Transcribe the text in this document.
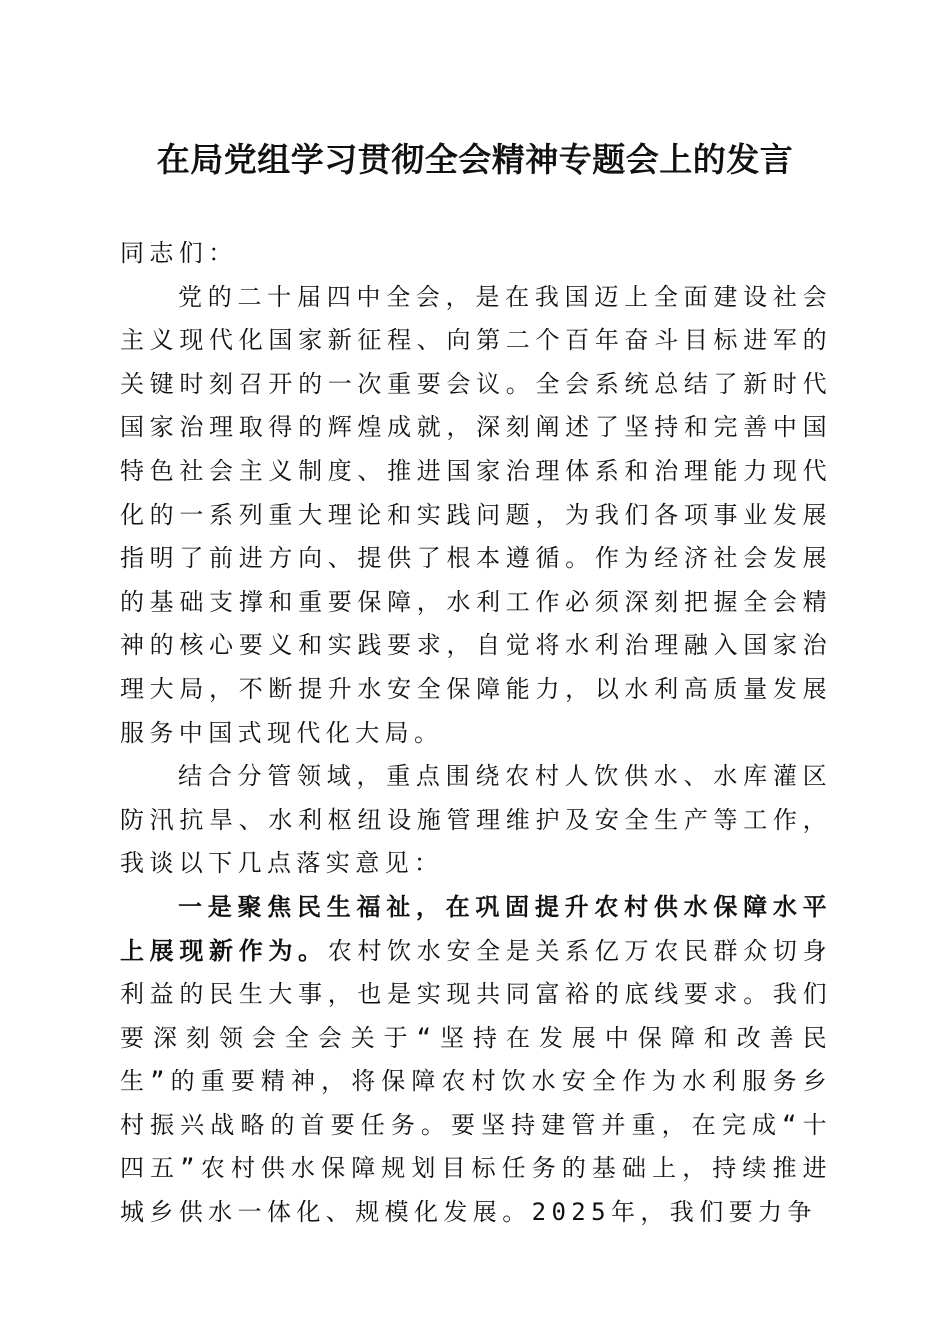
在局党组学习贯彻全会精神专题会上的发言

同志们：

党的二十届四中全会，是在我国迈上全面建设社会主义现代化国家新征程、向第二个百年奋斗目标进军的关键时刻召开的一次重要会议。全会系统总结了新时代国家治理取得的辉煌成就，深刻阐述了坚持和完善中国特色社会主义制度、推进国家治理体系和治理能力现代化的一系列重大理论和实践问题，为我们各项事业发展指明了前进方向、提供了根本遵循。作为经济社会发展的基础支撑和重要保障，水利工作必须深刻把握全会精神的核心要义和实践要求，自觉将水利治理融入国家治理大局，不断提升水安全保障能力，以水利高质量发展服务中国式现代化大局。

结合分管领域，重点围绕农村人饮供水、水库灌区防汛抗旱、水利枢纽设施管理维护及安全生产等工作，我谈以下几点落实意见：

一是聚焦民生福祉，在巩固提升农村供水保障水平上展现新作为。农村饮水安全是关系亿万农民群众切身利益的民生大事，也是实现共同富裕的底线要求。我们要深刻领会全会关于“坚持在发展中保障和改善民生”的重要精神，将保障农村饮水安全作为水利服务乡村振兴战略的首要任务。要坚持建管并重，在完成“十四五”农村供水保障规划目标任务的基础上，持续推进城乡供水一体化、规模化发展。2025年，我们要力争
